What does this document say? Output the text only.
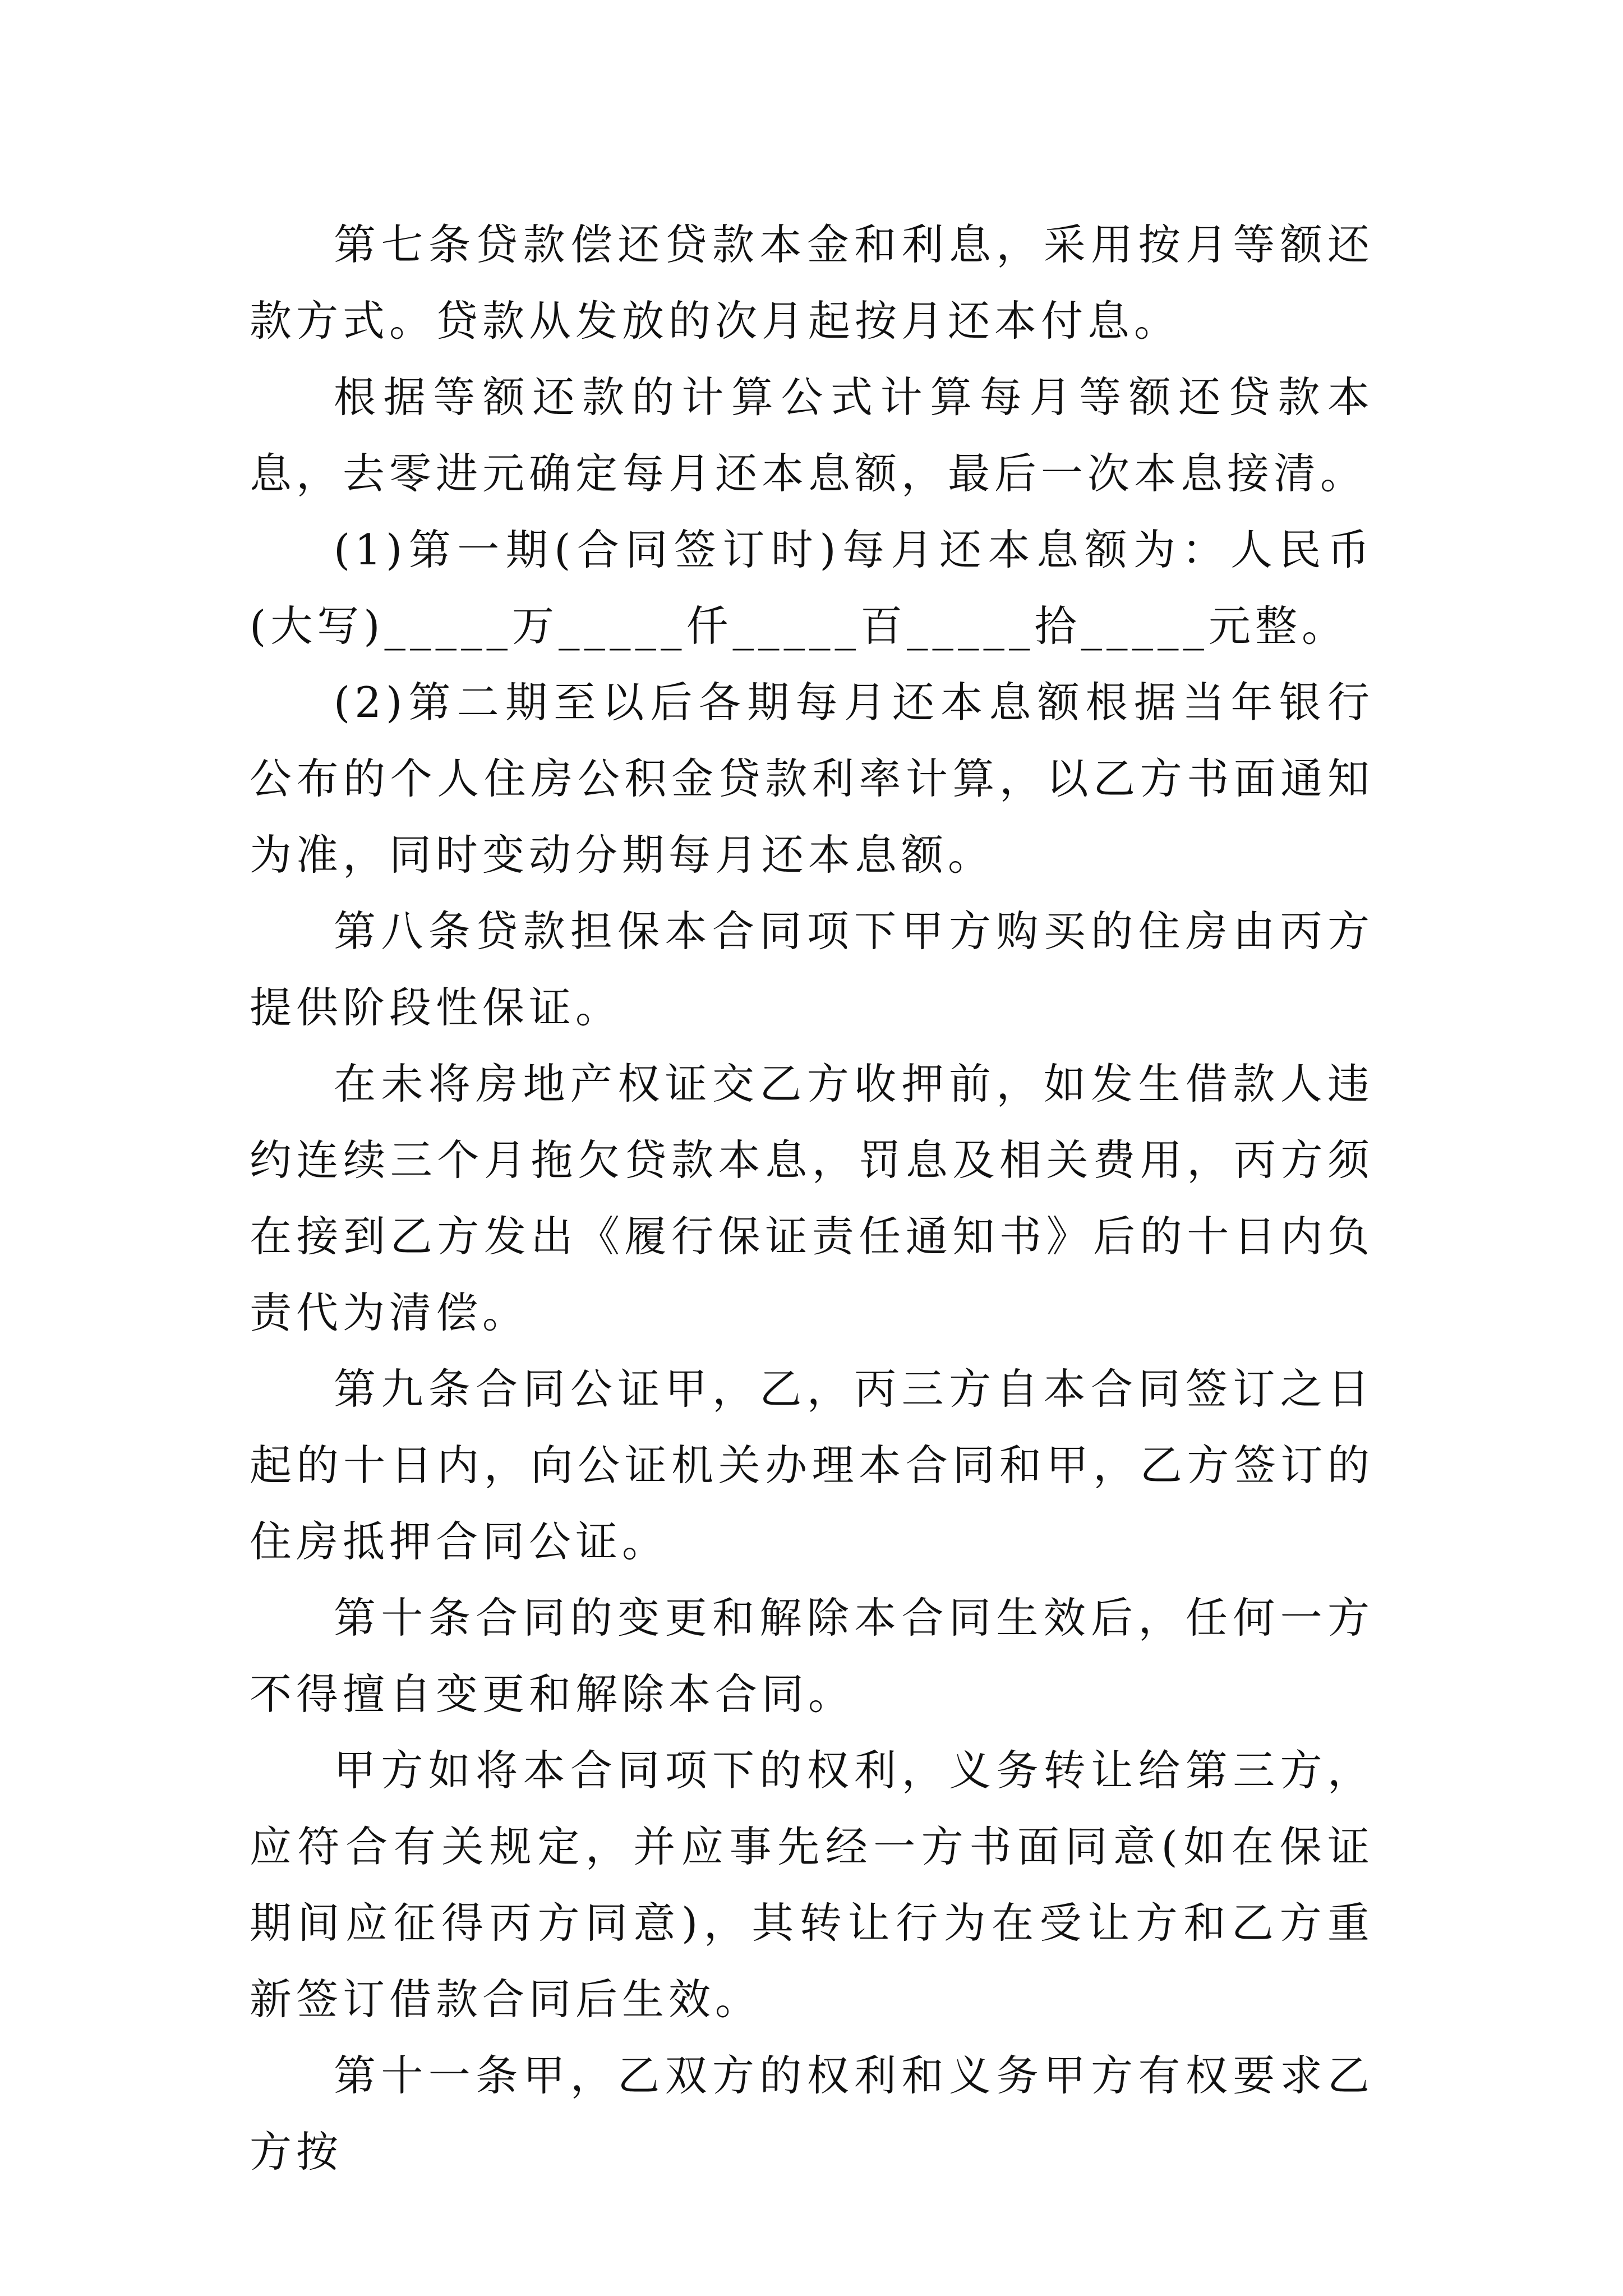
第七条贷款偿还贷款本金和利息，采用按月等额还款方式。贷款从发放的次月起按月还本付息。

根据等额还款的计算公式计算每月等额还贷款本息，去零进元确定每月还本息额，最后一次本息接清。

(1)第一期(合同签订时)每月还本息额为：人民币(大写)_____万_____仟_____百_____拾_____元整。

(2)第二期至以后各期每月还本息额根据当年银行公布的个人住房公积金贷款利率计算，以乙方书面通知为准，同时变动分期每月还本息额。

第八条贷款担保本合同项下甲方购买的住房由丙方提供阶段性保证。

在未将房地产权证交乙方收押前，如发生借款人违约连续三个月拖欠贷款本息，罚息及相关费用，丙方须在接到乙方发出《履行保证责任通知书》后的十日内负责代为清偿。

第九条合同公证甲，乙，丙三方自本合同签订之日起的十日内，向公证机关办理本合同和甲，乙方签订的住房抵押合同公证。

第十条合同的变更和解除本合同生效后，任何一方不得擅自变更和解除本合同。

甲方如将本合同项下的权利，义务转让给第三方，应符合有关规定，并应事先经一方书面同意(如在保证期间应征得丙方同意)，其转让行为在受让方和乙方重新签订借款合同后生效。

第十一条甲，乙双方的权利和义务甲方有权要求乙方按
